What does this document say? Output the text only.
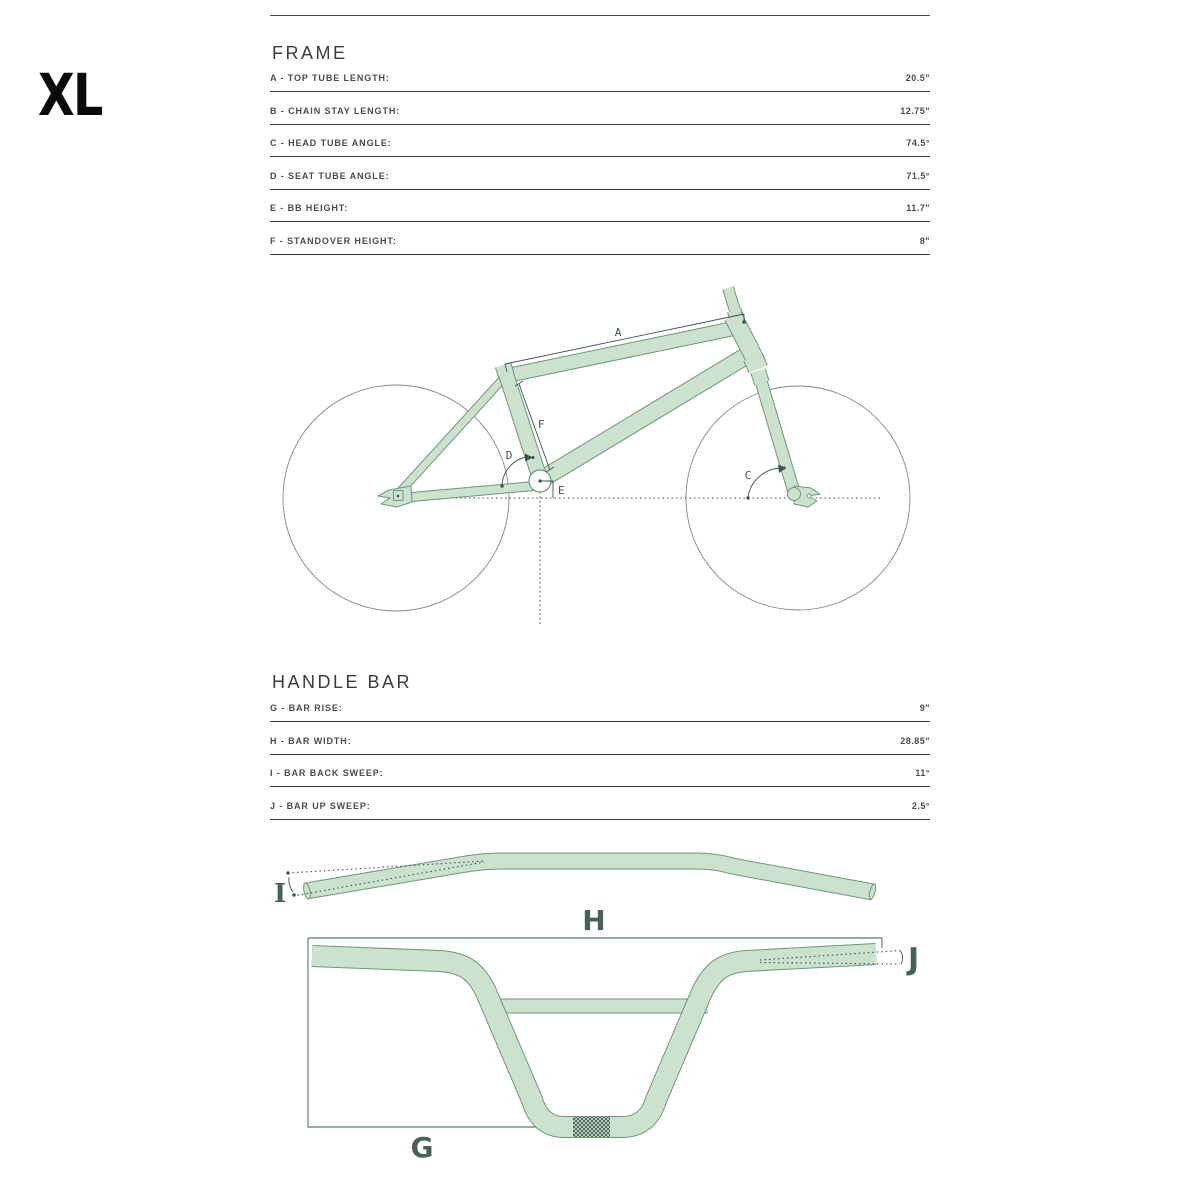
XL
FRAME
A - TOP TUBE LENGTH:	20.5"
B - CHAIN STAY LENGTH:	12.75"
C - HEAD TUBE ANGLE:	74.5°
D - SEAT TUBE ANGLE:	71.5°
E - BB HEIGHT:	11.7"
F - STANDOVER HEIGHT:	8"
A
F
D
E
C
HANDLE BAR
G - BAR RISE:	9"
H - BAR WIDTH:	28.85"
I - BAR BACK SWEEP:	11°
J - BAR UP SWEEP:	2.5°
I
H
G
J
